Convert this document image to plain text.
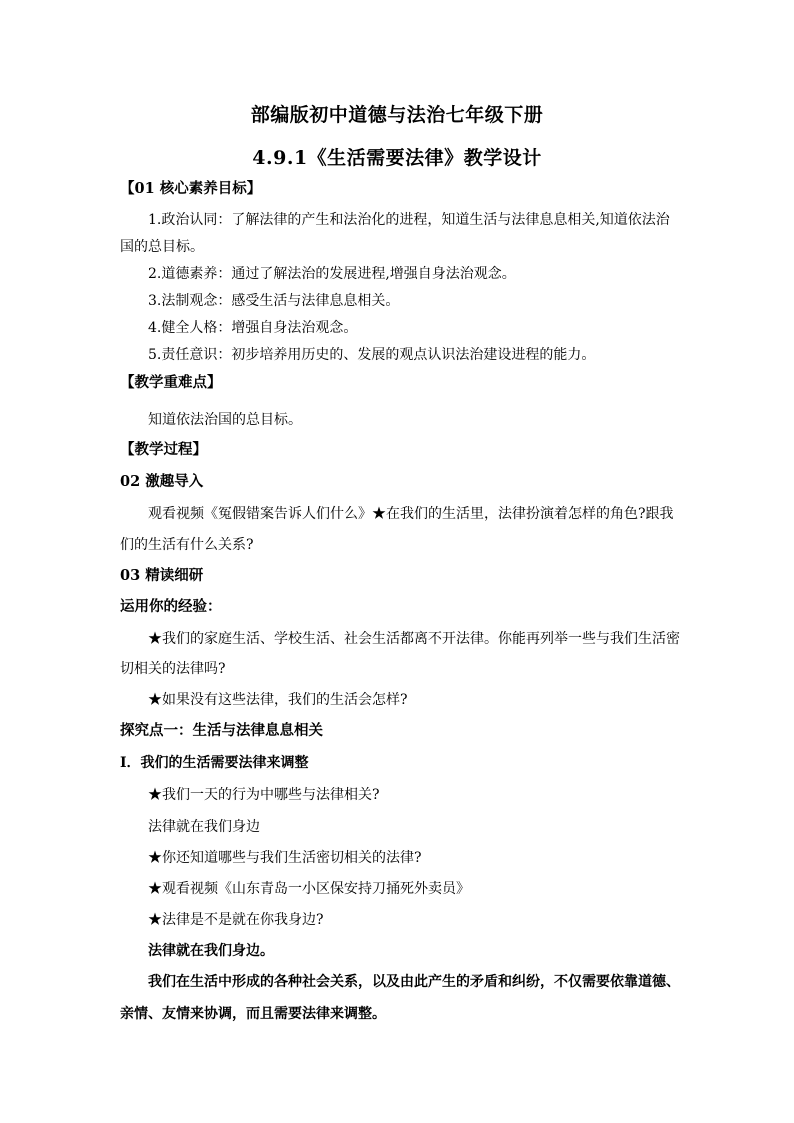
部编版初中道德与法治七年级下册
4.9.1《生活需要法律》教学设计
【01 核心素养目标】
1.政治认同：了解法律的产生和法治化的进程，知道生活与法律息息相关,知道依法治
国的总目标。
2.道德素养：通过了解法治的发展进程,增强自身法治观念。
3.法制观念：感受生活与法律息息相关。
4.健全人格：增强自身法治观念。
5.责任意识：初步培养用历史的、发展的观点认识法治建设进程的能力。
【教学重难点】
知道依法治国的总目标。
【教学过程】
02 激趣导入
观看视频《冤假错案告诉人们什么》★在我们的生活里，法律扮演着怎样的角色?跟我
们的生活有什么关系?
03 精读细研
运用你的经验：
★我们的家庭生活、学校生活、社会生活都离不开法律。你能再列举一些与我们生活密
切相关的法律吗?
★如果没有这些法律，我们的生活会怎样?
探究点一：生活与法律息息相关
Ⅰ．我们的生活需要法律来调整
★我们一天的行为中哪些与法律相关?
法律就在我们身边
★你还知道哪些与我们生活密切相关的法律?
★观看视频《山东青岛一小区保安持刀捅死外卖员》
★法律是不是就在你我身边?
法律就在我们身边。
我们在生活中形成的各种社会关系，以及由此产生的矛盾和纠纷，不仅需要依靠道德、
亲情、友情来协调，而且需要法律来调整。
